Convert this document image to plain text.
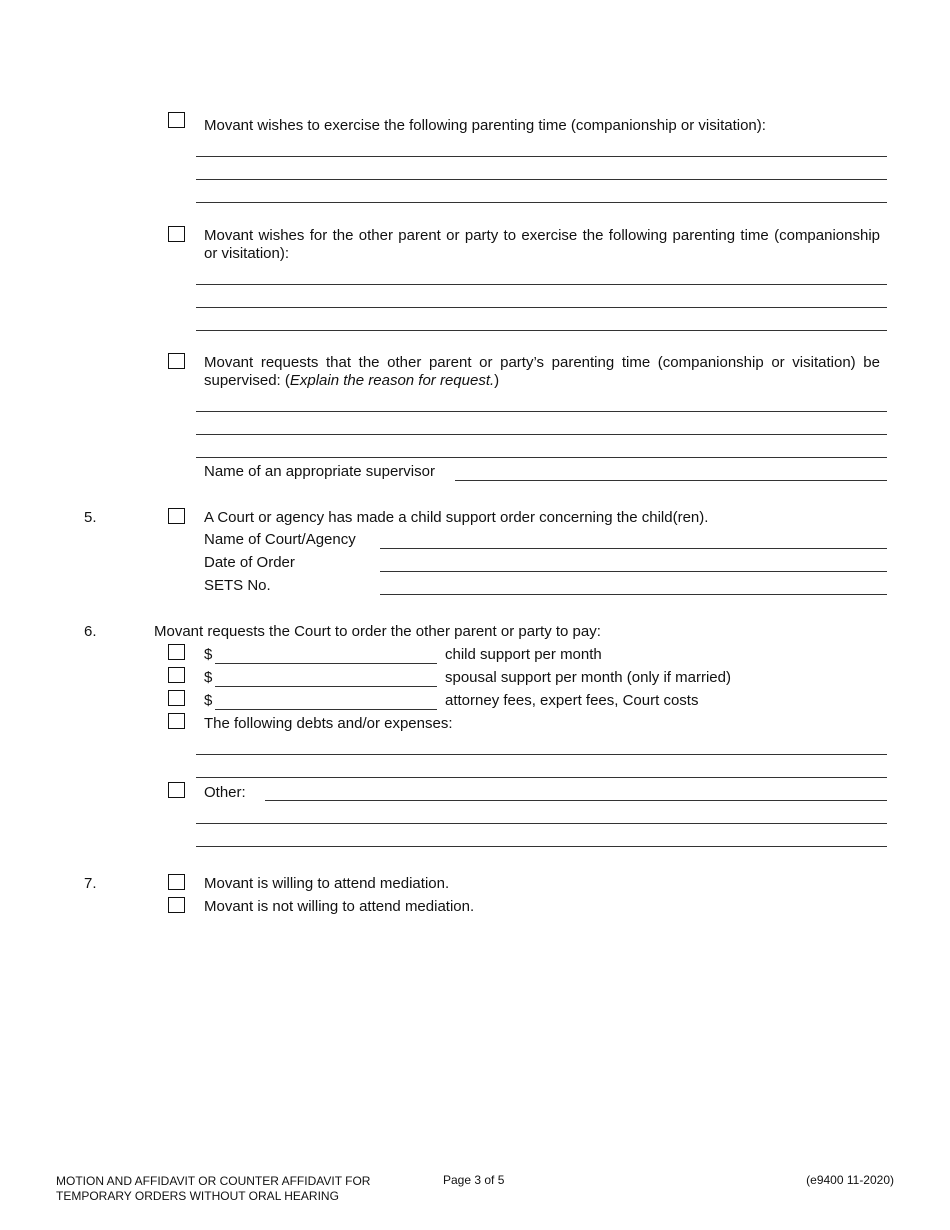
Movant wishes to exercise the following parenting time (companionship or visitation):
Movant wishes for the other parent or party to exercise the following parenting time (companionship or visitation):
Movant requests that the other parent or party’s parenting time (companionship or visitation) be supervised: (Explain the reason for request.)
Name of an appropriate supervisor
5.	A Court or agency has made a child support order concerning the child(ren).
Name of Court/Agency
Date of Order
SETS No.
6.	Movant requests the Court to order the other parent or party to pay:
$	child support per month
$	spousal support per month (only if married)
$	attorney fees, expert fees, Court costs
The following debts and/or expenses:
Other:
7.	Movant is willing to attend mediation.
Movant is not willing to attend mediation.
MOTION AND AFFIDAVIT OR COUNTER AFFIDAVIT FOR
TEMPORARY ORDERS WITHOUT ORAL HEARING
Page 3 of 5	(e9400 11-2020)
